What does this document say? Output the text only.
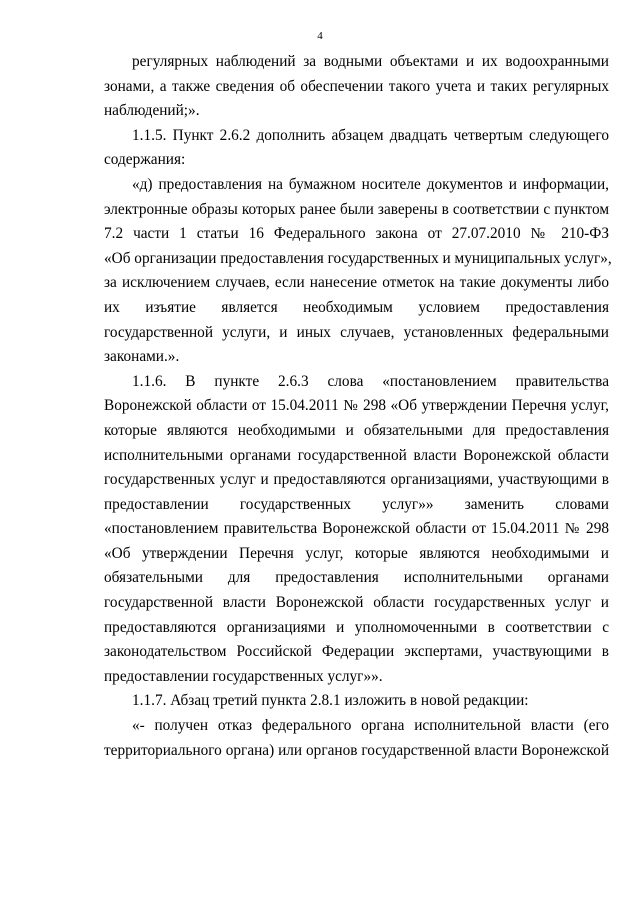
4

регулярных наблюдений за водными объектами и их водоохранными

зонами, а также сведения об обеспечении такого учета и таких регулярных

наблюдений;».

1.1.5. Пункт 2.6.2 дополнить абзацем двадцать четвертым следующего

содержания:

«д) предоставления на бумажном носителе документов и информации,

электронные образы которых ранее были заверены в соответствии с пунктом

7.2 части 1 статьи 16 Федерального закона от 27.07.2010 № 210-ФЗ

«Об организации предоставления государственных и муниципальных услуг»,

за исключением случаев, если нанесение отметок на такие документы либо

их изъятие является необходимым условием предоставления

государственной услуги, и иных случаев, установленных федеральными

законами.».

1.1.6. В пункте 2.6.3 слова «постановлением правительства

Воронежской области от 15.04.2011 № 298 «Об утверждении Перечня услуг,

которые являются необходимыми и обязательными для предоставления

исполнительными органами государственной власти Воронежской области

государственных услуг и предоставляются организациями, участвующими в

предоставлении государственных услуг»» заменить словами

«постановлением правительства Воронежской области от 15.04.2011 № 298

«Об утверждении Перечня услуг, которые являются необходимыми и

обязательными для предоставления исполнительными органами

государственной власти Воронежской области государственных услуг и

предоставляются организациями и уполномоченными в соответствии с

законодательством Российской Федерации экспертами, участвующими в

предоставлении государственных услуг»».

1.1.7. Абзац третий пункта 2.8.1 изложить в новой редакции:

«- получен отказ федерального органа исполнительной власти (его

территориального органа) или органов государственной власти Воронежской
